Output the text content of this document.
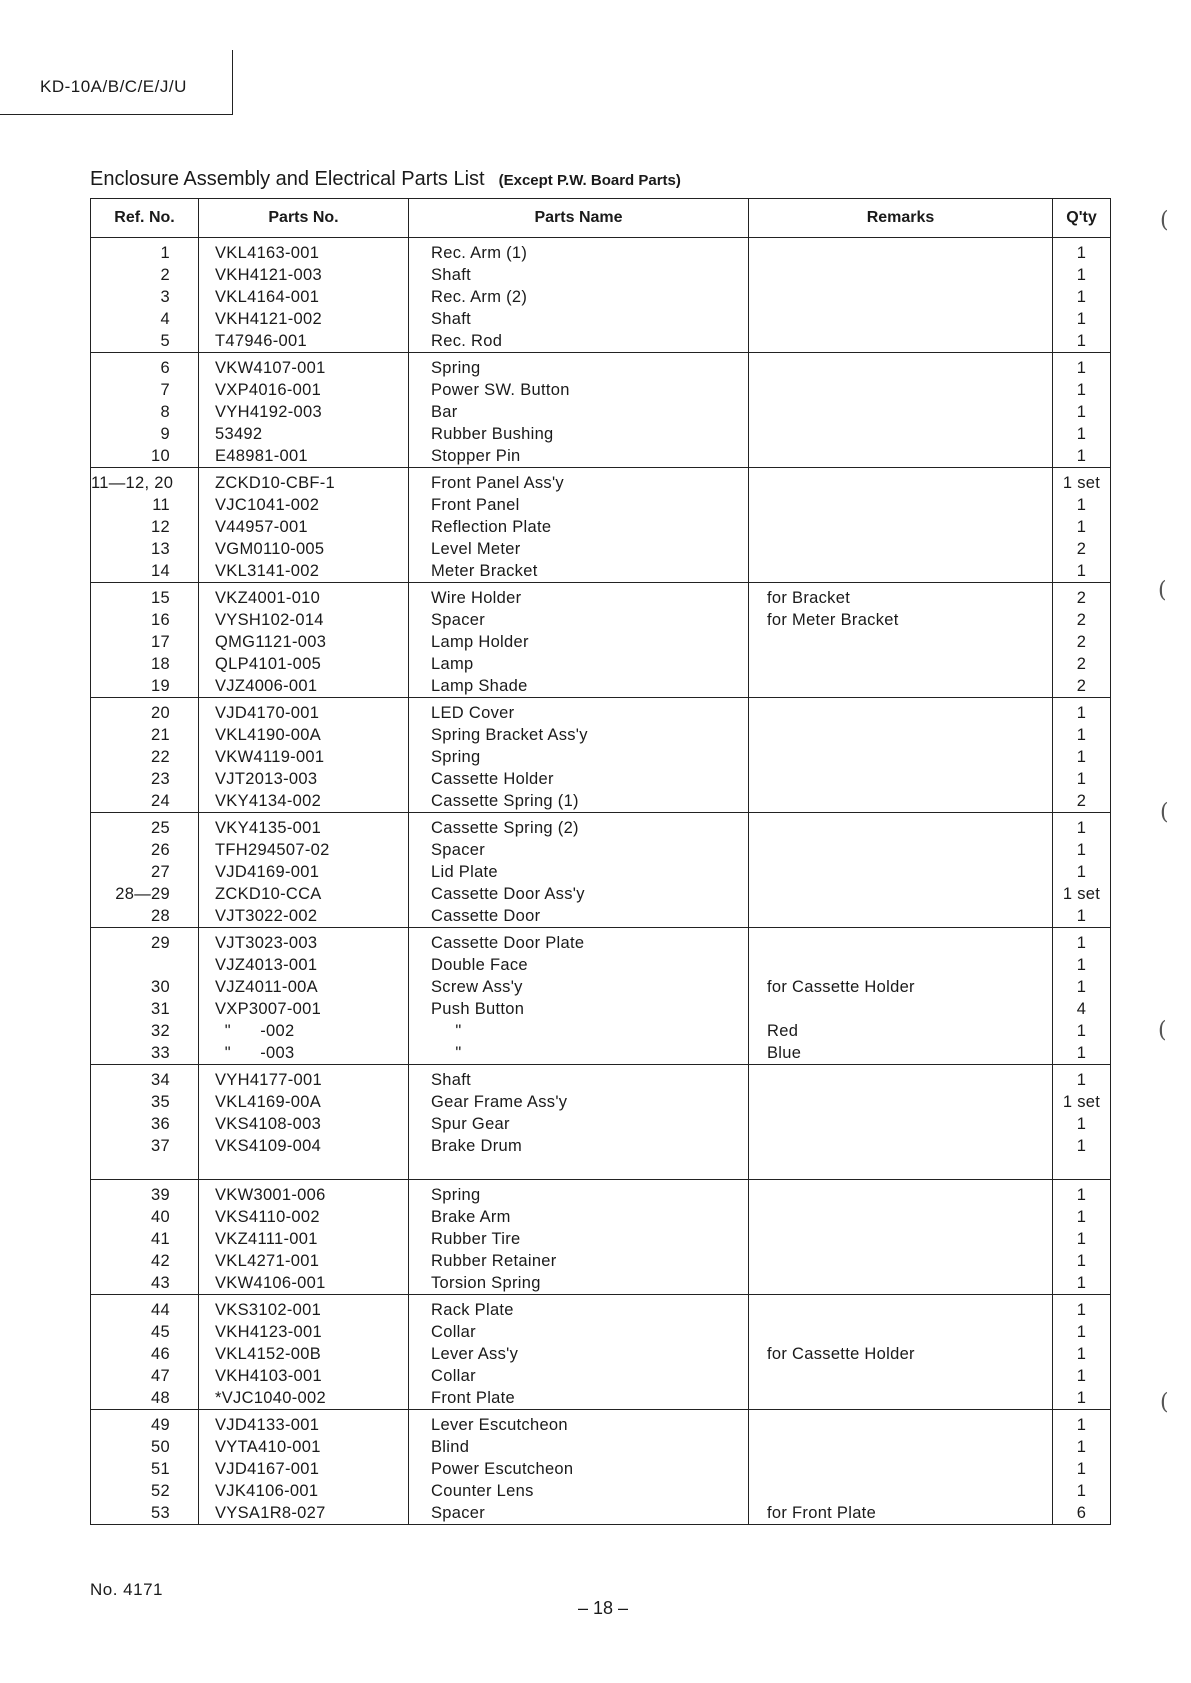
KD-10A/B/C/E/J/U
Enclosure Assembly and Electrical Parts List (Except P.W. Board Parts)
Ref. No.	Parts No.	Parts Name	Remarks	Q'ty
1	VKL4163-001	Rec. Arm (1)		1
2	VKH4121-003	Shaft		1
3	VKL4164-001	Rec. Arm (2)		1
4	VKH4121-002	Shaft		1
5	T47946-001	Rec. Rod		1
6	VKW4107-001	Spring		1
7	VXP4016-001	Power SW. Button		1
8	VYH4192-003	Bar		1
9	53492	Rubber Bushing		1
10	E48981-001	Stopper Pin		1
11—12, 20	ZCKD10-CBF-1	Front Panel Ass'y		1 set
11	VJC1041-002	Front Panel		1
12	V44957-001	Reflection Plate		1
13	VGM0110-005	Level Meter		2
14	VKL3141-002	Meter Bracket		1
15	VKZ4001-010	Wire Holder	for Bracket	2
16	VYSH102-014	Spacer	for Meter Bracket	2
17	QMG1121-003	Lamp Holder		2
18	QLP4101-005	Lamp		2
19	VJZ4006-001	Lamp Shade		2
20	VJD4170-001	LED Cover		1
21	VKL4190-00A	Spring Bracket Ass'y		1
22	VKW4119-001	Spring		1
23	VJT2013-003	Cassette Holder		1
24	VKY4134-002	Cassette Spring (1)		2
25	VKY4135-001	Cassette Spring (2)		1
26	TFH294507-02	Spacer		1
27	VJD4169-001	Lid Plate		1
28—29	ZCKD10-CCA	Cassette Door Ass'y		1 set
28	VJT3022-002	Cassette Door		1
29	VJT3023-003	Cassette Door Plate		1
	VJZ4013-001	Double Face		1
30	VJZ4011-00A	Screw Ass'y	for Cassette Holder	1
31	VXP3007-001	Push Button		4
32	"      -002	"	Red	1
33	"      -003	"	Blue	1
34	VYH4177-001	Shaft		1
35	VKL4169-00A	Gear Frame Ass'y		1 set
36	VKS4108-003	Spur Gear		1
37	VKS4109-004	Brake Drum		1

39	VKW3001-006	Spring		1
40	VKS4110-002	Brake Arm		1
41	VKZ4111-001	Rubber Tire		1
42	VKL4271-001	Rubber Retainer		1
43	VKW4106-001	Torsion Spring		1
44	VKS3102-001	Rack Plate		1
45	VKH4123-001	Collar		1
46	VKL4152-00B	Lever Ass'y	for Cassette Holder	1
47	VKH4103-001	Collar		1
48	*VJC1040-002	Front Plate		1
49	VJD4133-001	Lever Escutcheon		1
50	VYTA410-001	Blind		1
51	VJD4167-001	Power Escutcheon		1
52	VJK4106-001	Counter Lens		1
53	VYSA1R8-027	Spacer	for Front Plate	6
No. 4171
– 18 –
(
(
(
(
(
